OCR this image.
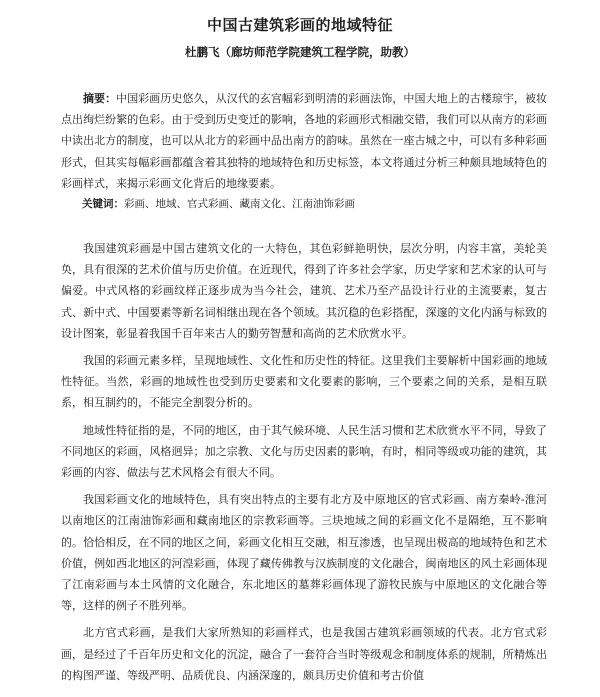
中国古建筑彩画的地域特征
杜鹏飞（廊坊师范学院建筑工程学院，助教）
摘要：中国彩画历史悠久，从汉代的玄宫幅彩到明清的彩画法饰，中国大地上的古楼琼宇，被妆点出绚烂纷繁的色彩。由于受到历史变迁的影响，各地的彩画形式相融交错，我们可以从南方的彩画中读出北方的制度，也可以从北方的彩画中品出南方的韵味。虽然在一座古城之中，可以有多种彩画形式，但其实每幅彩画都蕴含着其独特的地域特色和历史标签，本文将通过分析三种颇具地域特色的彩画样式，来揭示彩画文化背后的地缘要素。
关键词：彩画、地域、官式彩画、藏南文化、江南油饰彩画

我国建筑彩画是中国古建筑文化的一大特色，其色彩鲜艳明快，层次分明，内容丰富，美轮美奂，具有很深的艺术价值与历史价值。在近现代，得到了许多社会学家，历史学家和艺术家的认可与偏爱。中式风格的彩画纹样正逐步成为当今社会，建筑、艺术乃至产品设计行业的主流要素，复古式、新中式、中国要素等新名词相继出现在各个领域。其沉稳的色彩搭配，深邃的文化内涵与标致的设计图案，彰显着我国千百年来古人的勤劳智慧和高尚的艺术欣赏水平。

我国的彩画元素多样，呈现地域性、文化性和历史性的特征。这里我们主要解析中国彩画的地域性特征。当然，彩画的地域性也受到历史要素和文化要素的影响，三个要素之间的关系，是相互联系，相互制约的，不能完全割裂分析的。

地域性特征指的是，不同的地区，由于其气候环境、人民生活习惯和艺术欣赏水平不同，导致了不同地区的彩画，风格迥异；加之宗教、文化与历史因素的影响，有时，相同等级或功能的建筑，其彩画的内容、做法与艺术风格会有很大不同。

我国彩画文化的地域特色，具有突出特点的主要有北方及中原地区的官式彩画、南方秦岭-淮河以南地区的江南油饰彩画和藏南地区的宗教彩画等。三块地域之间的彩画文化不是隔绝，互不影响的。恰恰相反，在不同的地区之间，彩画文化相互交融，相互渗透，也呈现出极高的地域特色和艺术价值，例如西北地区的河湟彩画，体现了藏传佛教与汉族制度的文化融合，闽南地区的风土彩画体现了江南彩画与本土风情的文化融合，东北地区的墓葬彩画体现了游牧民族与中原地区的文化融合等等，这样的例子不胜列举。

北方官式彩画，是我们大家所熟知的彩画样式，也是我国古建筑彩画领域的代表。北方官式彩画，是经过了千百年历史和文化的沉淀，融合了一套符合当时等级观念和制度体系的规制，所精炼出的构图严谨、等级严明、品质优良、内涵深邃的，颇具历史价值和考古价值
